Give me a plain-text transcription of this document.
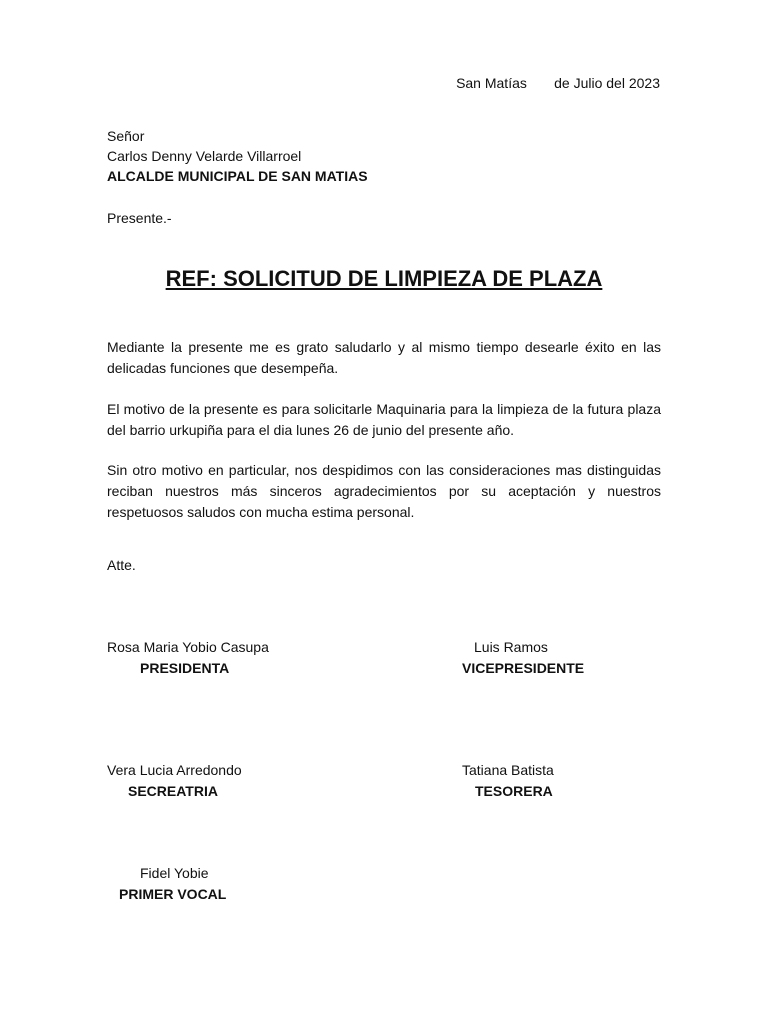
San Matías de Julio del 2023
Señor
Carlos Denny Velarde Villarroel
ALCALDE MUNICIPAL DE SAN MATIAS
Presente.-
REF: SOLICITUD DE LIMPIEZA DE PLAZA
Mediante la presente me es grato saludarlo y al mismo tiempo desearle éxito en las delicadas funciones que desempeña.
El motivo de la presente es para solicitarle Maquinaria para la limpieza de la futura plaza del barrio urkupiña para el dia lunes 26 de junio del presente año.
Sin otro motivo en particular, nos despidimos con las consideraciones mas distinguidas reciban nuestros más sinceros agradecimientos por su aceptación y nuestros respetuosos saludos con mucha estima personal.
Atte.
Rosa Maria Yobio Casupa
PRESIDENTA
Luis Ramos
VICEPRESIDENTE
Vera Lucia Arredondo
SECREATRIA
Tatiana Batista
TESORERA
Fidel Yobie
PRIMER VOCAL
